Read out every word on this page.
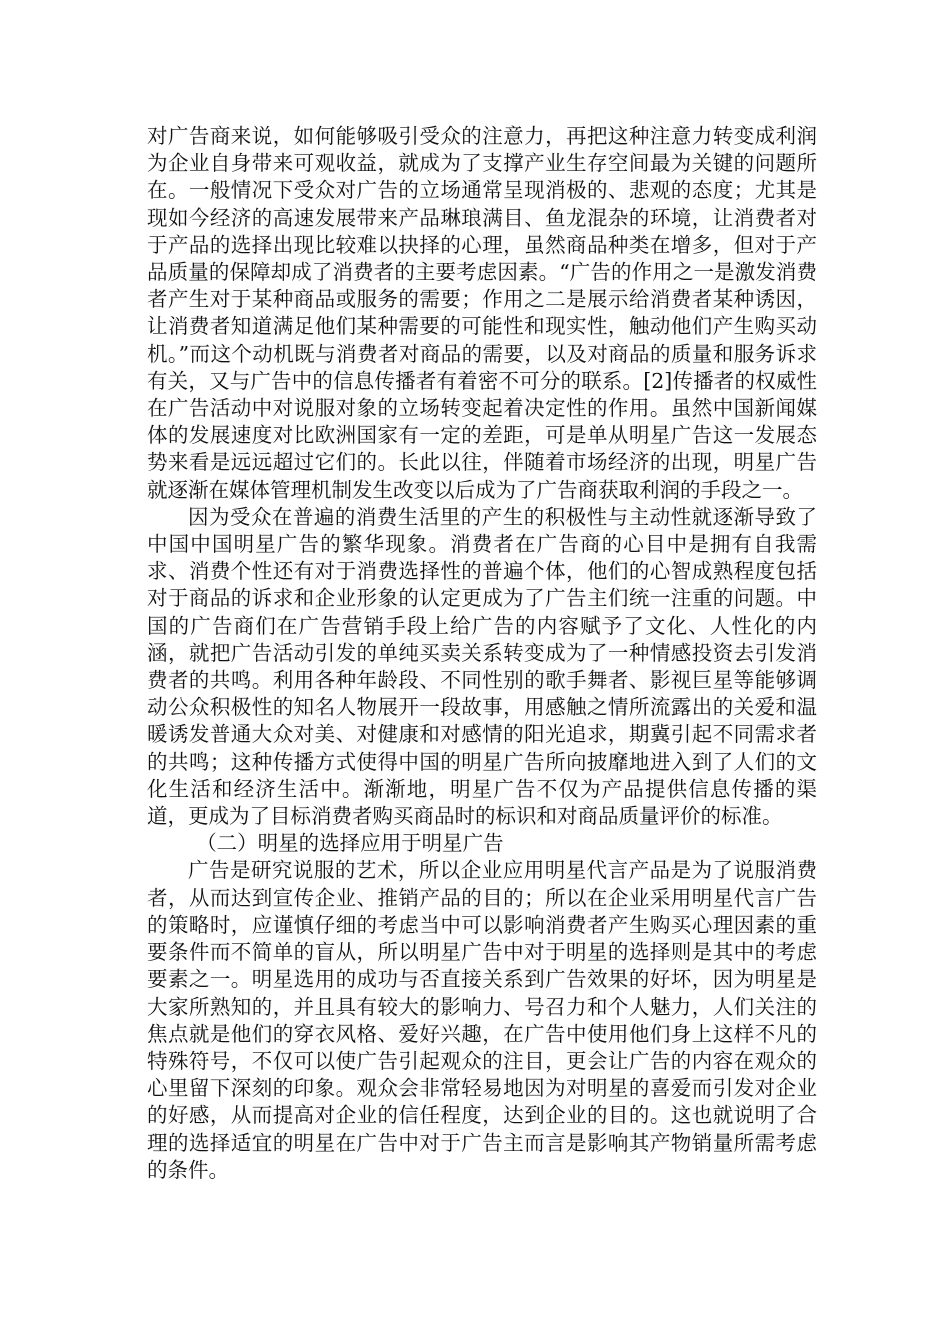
对广告商来说，如何能够吸引受众的注意力，再把这种注意力转变成利润为企业自身带来可观收益，就成为了支撑产业生存空间最为关键的问题所在。一般情况下受众对广告的立场通常呈现消极的、悲观的态度；尤其是现如今经济的高速发展带来产品琳琅满目、鱼龙混杂的环境，让消费者对于产品的选择出现比较难以抉择的心理，虽然商品种类在增多，但对于产品质量的保障却成了消费者的主要考虑因素。“广告的作用之一是激发消费者产生对于某种商品或服务的需要；作用之二是展示给消费者某种诱因，让消费者知道满足他们某种需要的可能性和现实性，触动他们产生购买动机。”而这个动机既与消费者对商品的需要，以及对商品的质量和服务诉求有关，又与广告中的信息传播者有着密不可分的联系。[2]传播者的权威性在广告活动中对说服对象的立场转变起着决定性的作用。虽然中国新闻媒体的发展速度对比欧洲国家有一定的差距，可是单从明星广告这一发展态势来看是远远超过它们的。长此以往，伴随着市场经济的出现，明星广告就逐渐在媒体管理机制发生改变以后成为了广告商获取利润的手段之一。

因为受众在普遍的消费生活里的产生的积极性与主动性就逐渐导致了中国中国明星广告的繁华现象。消费者在广告商的心目中是拥有自我需求、消费个性还有对于消费选择性的普遍个体，他们的心智成熟程度包括对于商品的诉求和企业形象的认定更成为了广告主们统一注重的问题。中国的广告商们在广告营销手段上给广告的内容赋予了文化、人性化的内涵，就把广告活动引发的单纯买卖关系转变成为了一种情感投资去引发消费者的共鸣。利用各种年龄段、不同性别的歌手舞者、影视巨星等能够调动公众积极性的知名人物展开一段故事，用感触之情所流露出的关爱和温暖诱发普通大众对美、对健康和对感情的阳光追求，期冀引起不同需求者的共鸣；这种传播方式使得中国的明星广告所向披靡地进入到了人们的文化生活和经济生活中。渐渐地，明星广告不仅为产品提供信息传播的渠道，更成为了目标消费者购买商品时的标识和对商品质量评价的标准。

（二）明星的选择应用于明星广告

广告是研究说服的艺术，所以企业应用明星代言产品是为了说服消费者，从而达到宣传企业、推销产品的目的；所以在企业采用明星代言广告的策略时，应谨慎仔细的考虑当中可以影响消费者产生购买心理因素的重要条件而不简单的盲从，所以明星广告中对于明星的选择则是其中的考虑要素之一。明星选用的成功与否直接关系到广告效果的好坏，因为明星是大家所熟知的，并且具有较大的影响力、号召力和个人魅力，人们关注的焦点就是他们的穿衣风格、爱好兴趣，在广告中使用他们身上这样不凡的特殊符号，不仅可以使广告引起观众的注目，更会让广告的内容在观众的心里留下深刻的印象。观众会非常轻易地因为对明星的喜爱而引发对企业的好感，从而提高对企业的信任程度，达到企业的目的。这也就说明了合理的选择适宜的明星在广告中对于广告主而言是影响其产物销量所需考虑的条件。
